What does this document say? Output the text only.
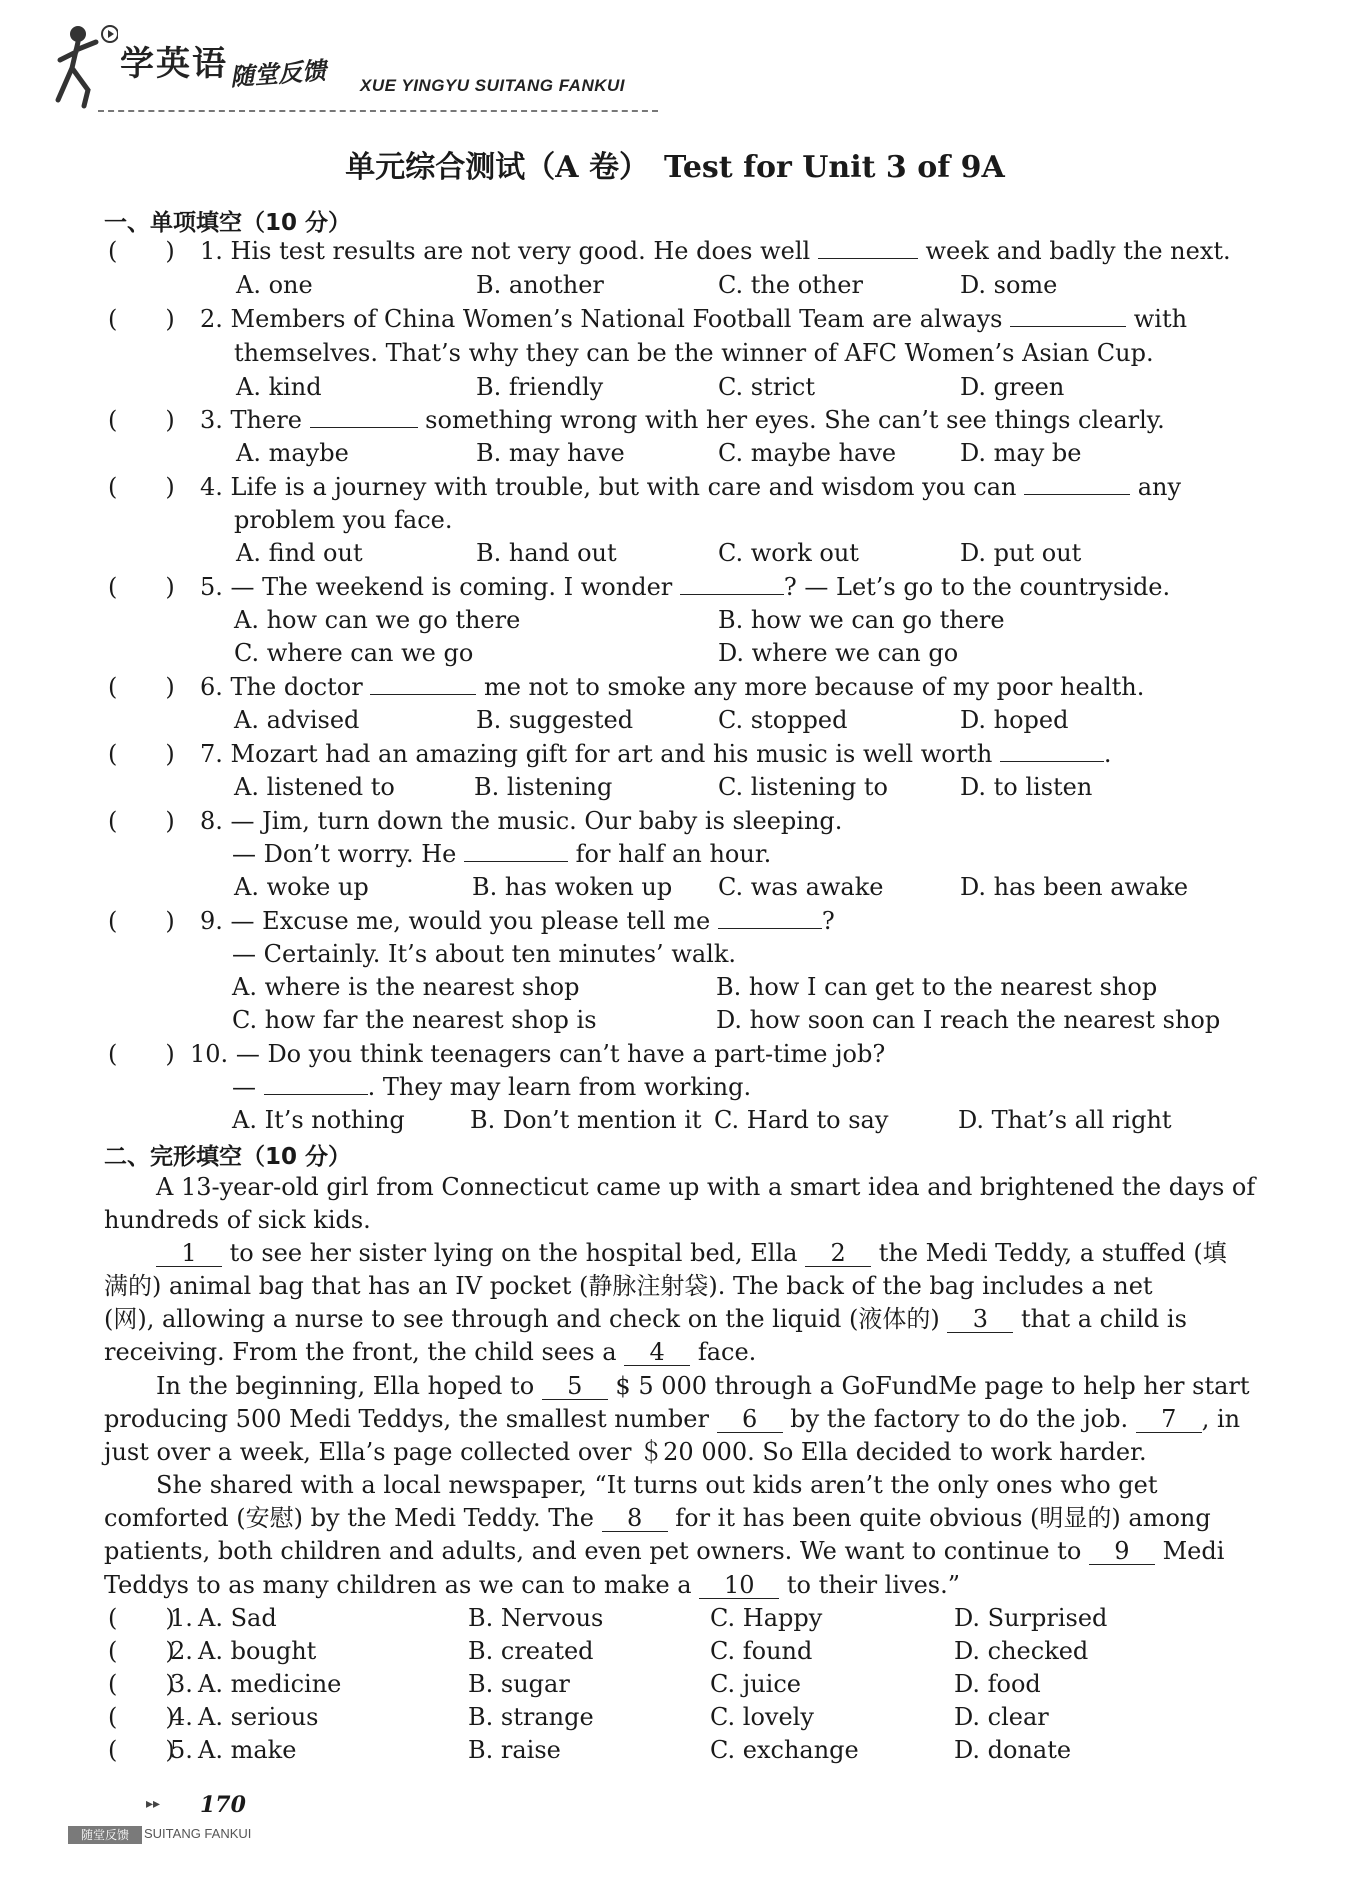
学英语 随堂反馈 XUE YINGYU SUITANG FANKUI
单元综合测试（A 卷）　Test for Unit 3 of 9A
一、单项填空（10 分）
(　　) 1. His test results are not very good. He does well	week and badly the next.
A. one	B. another	C. the other	D. some
(　　) 2. Members of China Women’s National Football Team are always	with
themselves. That’s why they can be the winner of AFC Women’s Asian Cup.
A. kind	B. friendly	C. strict	D. green
(　　) 3. There	something wrong with her eyes. She can’t see things clearly.
A. maybe	B. may have	C. maybe have	D. may be
(　　) 4. Life is a journey with trouble, but with care and wisdom you can	any
problem you face.
A. find out	B. hand out	C. work out	D. put out
(　　) 5. — The weekend is coming. I wonder	? — Let’s go to the countryside.
A. how can we go there	B. how we can go there
C. where can we go	D. where we can go
(　　) 6. The doctor	me not to smoke any more because of my poor health.
A. advised	B. suggested	C. stopped	D. hoped
(　　) 7. Mozart had an amazing gift for art and his music is well worth	.
A. listened to	B. listening	C. listening to	D. to listen
(　　) 8. — Jim, turn down the music. Our baby is sleeping.
— Don’t worry. He	for half an hour.
A. woke up	B. has woken up C. was awake	D. has been awake
(　　) 9. — Excuse me, would you please tell me	?
— Certainly. It’s about ten minutes’ walk.
A. where is the nearest shop	B. how I can get to the nearest shop
C. how far the nearest shop is	D. how soon can I reach the nearest shop
(　　) 10. — Do you think teenagers can’t have a part-time job?
—	. They may learn from working.
A. It’s nothing	B. Don’t mention it C. Hard to say	D. That’s all right
二、完形填空（10 分）
A 13-year-old girl from Connecticut came up with a smart idea and brightened the days of
hundreds of sick kids.
1 to see her sister lying on the hospital bed, Ella 2 the Medi Teddy, a stuffed (填
满的) animal bag that has an IV pocket (静脉注射袋). The back of the bag includes a net
(网), allowing a nurse to see through and check on the liquid (液体的) 3 that a child is
receiving. From the front, the child sees a 4 face.
In the beginning, Ella hoped to 5 $ 5 000 through a GoFundMe page to help her start
producing 500 Medi Teddys, the smallest number 6 by the factory to do the job. 7 , in
just over a week, Ella’s page collected over ＄20 000. So Ella decided to work harder.
She shared with a local newspaper, “It turns out kids aren’t the only ones who get
comforted (安慰) by the Medi Teddy. The 8 for it has been quite obvious (明显的) among
patients, both children and adults, and even pet owners. We want to continue to 9 Medi
Teddys to as many children as we can to make a 10 to their lives.”
(　　)
1. A. Sad	B. Nervous	C. Happy	D. Surprised
(　　)
2. A. bought	B. created	C. found	D. checked
(　　)
3. A. medicine	B. sugar	C. juice	D. food
(　　)
4. A. serious	B. strange	C. lovely	D. clear
(　　)
5. A. make	B. raise	C. exchange	D. donate
▸▸ 170
随堂反馈	SUITANG FANKUI
